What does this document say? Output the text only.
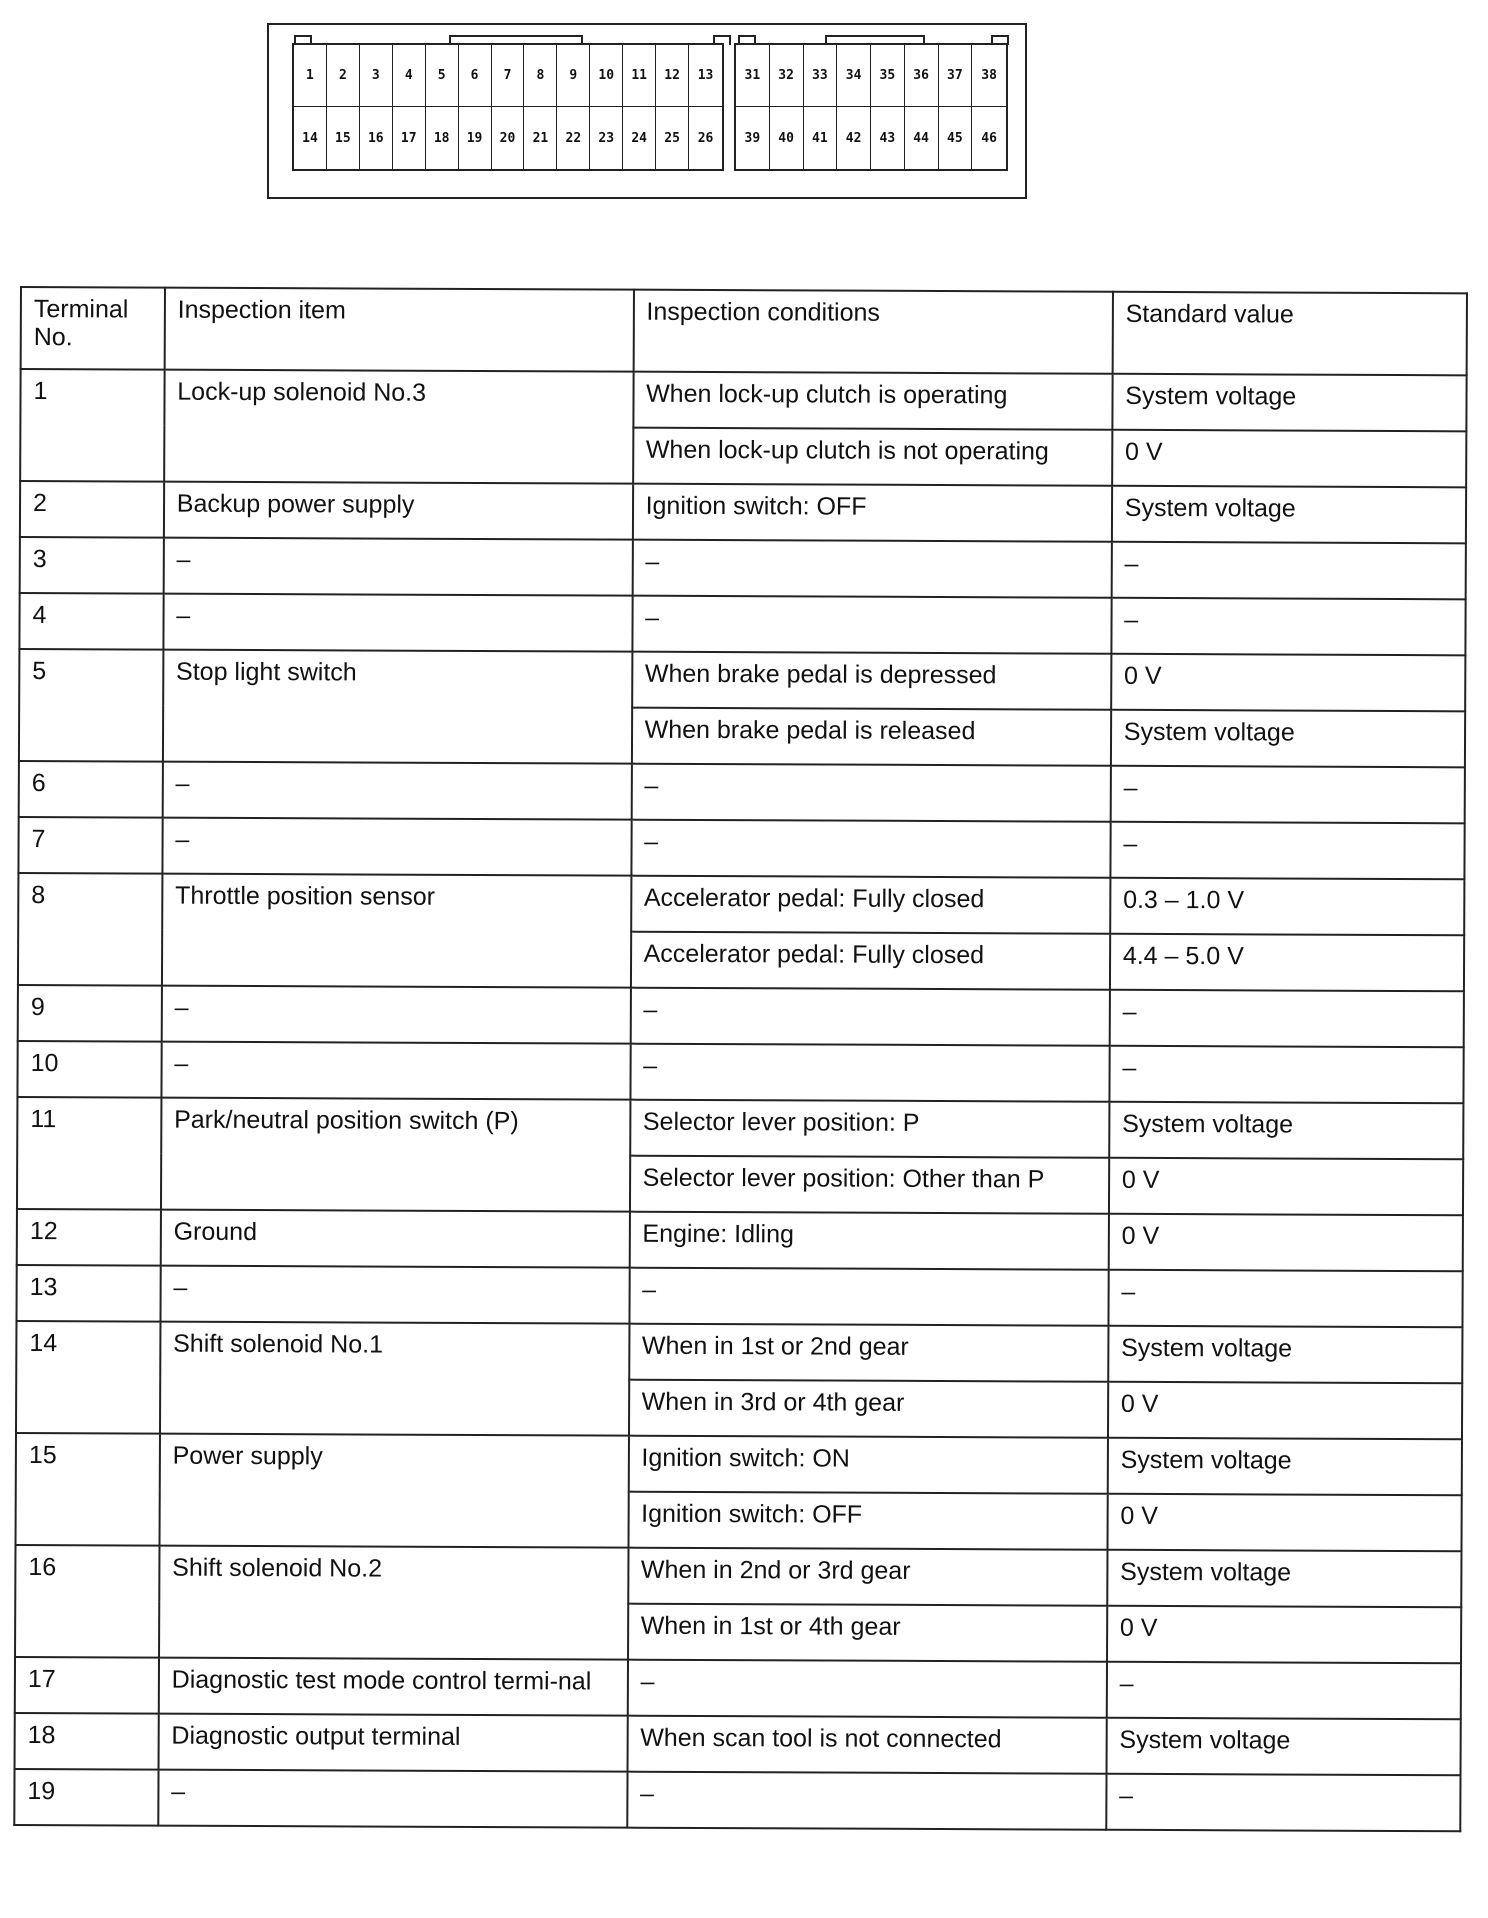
1	2	3	4	5	6	7	8	9	10	11	12	13
14	15	16	17	18	19	20	21	22	23	24	25	26
31	32	33	34	35	36	37	38
39	40	41	42	43	44	45	46
Terminal No.	Inspection item	Inspection conditions	Standard value
1	Lock-up solenoid No.3	When lock-up clutch is operating	System voltage
		When lock-up clutch is not operating	0 V
2	Backup power supply	Ignition switch: OFF	System voltage
3	–	–	–
4	–	–	–
5	Stop light switch	When brake pedal is depressed	0 V
		When brake pedal is released	System voltage
6	–	–	–
7	–	–	–
8	Throttle position sensor	Accelerator pedal: Fully closed	0.3 – 1.0 V
		Accelerator pedal: Fully closed	4.4 – 5.0 V
9	–	–	–
10	–	–	–
11	Park/neutral position switch (P)	Selector lever position: P	System voltage
		Selector lever position: Other than P	0 V
12	Ground	Engine: Idling	0 V
13	–	–	–
14	Shift solenoid No.1	When in 1st or 2nd gear	System voltage
		When in 3rd or 4th gear	0 V
15	Power supply	Ignition switch: ON	System voltage
		Ignition switch: OFF	0 V
16	Shift solenoid No.2	When in 2nd or 3rd gear	System voltage
		When in 1st or 4th gear	0 V
17	Diagnostic test mode control termi-nal	–	–
18	Diagnostic output terminal	When scan tool is not connected	System voltage
19	–	–	–
